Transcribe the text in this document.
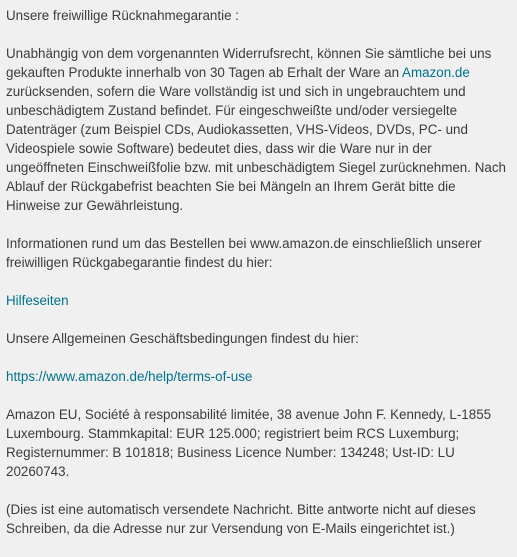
Unsere freiwillige Rücknahmegarantie :

Unabhängig von dem vorgenannten Widerrufsrecht, können Sie sämtliche bei uns gekauften Produkte innerhalb von 30 Tagen ab Erhalt der Ware an Amazon.de zurücksenden, sofern die Ware vollständig ist und sich in ungebrauchtem und unbeschädigtem Zustand befindet. Für eingeschweißte und/oder versiegelte Datenträger (zum Beispiel CDs, Audiokassetten, VHS-Videos, DVDs, PC- und Videospiele sowie Software) bedeutet dies, dass wir die Ware nur in der ungeöffneten Einschweißfolie bzw. mit unbeschädigtem Siegel zurücknehmen. Nach Ablauf der Rückgabefrist beachten Sie bei Mängeln an Ihrem Gerät bitte die Hinweise zur Gewährleistung.

Informationen rund um das Bestellen bei www.amazon.de einschließlich unserer freiwilligen Rückgabegarantie findest du hier:

Hilfeseiten

Unsere Allgemeinen Geschäftsbedingungen findest du hier:

https://www.amazon.de/help/terms-of-use

Amazon EU, Société à responsabilité limitée, 38 avenue John F. Kennedy, L-1855 Luxembourg. Stammkapital: EUR 125.000; registriert beim RCS Luxemburg; Registernummer: B 101818; Business Licence Number: 134248; Ust-ID: LU 20260743.

(Dies ist eine automatisch versendete Nachricht. Bitte antworte nicht auf dieses Schreiben, da die Adresse nur zur Versendung von E-Mails eingerichtet ist.)
